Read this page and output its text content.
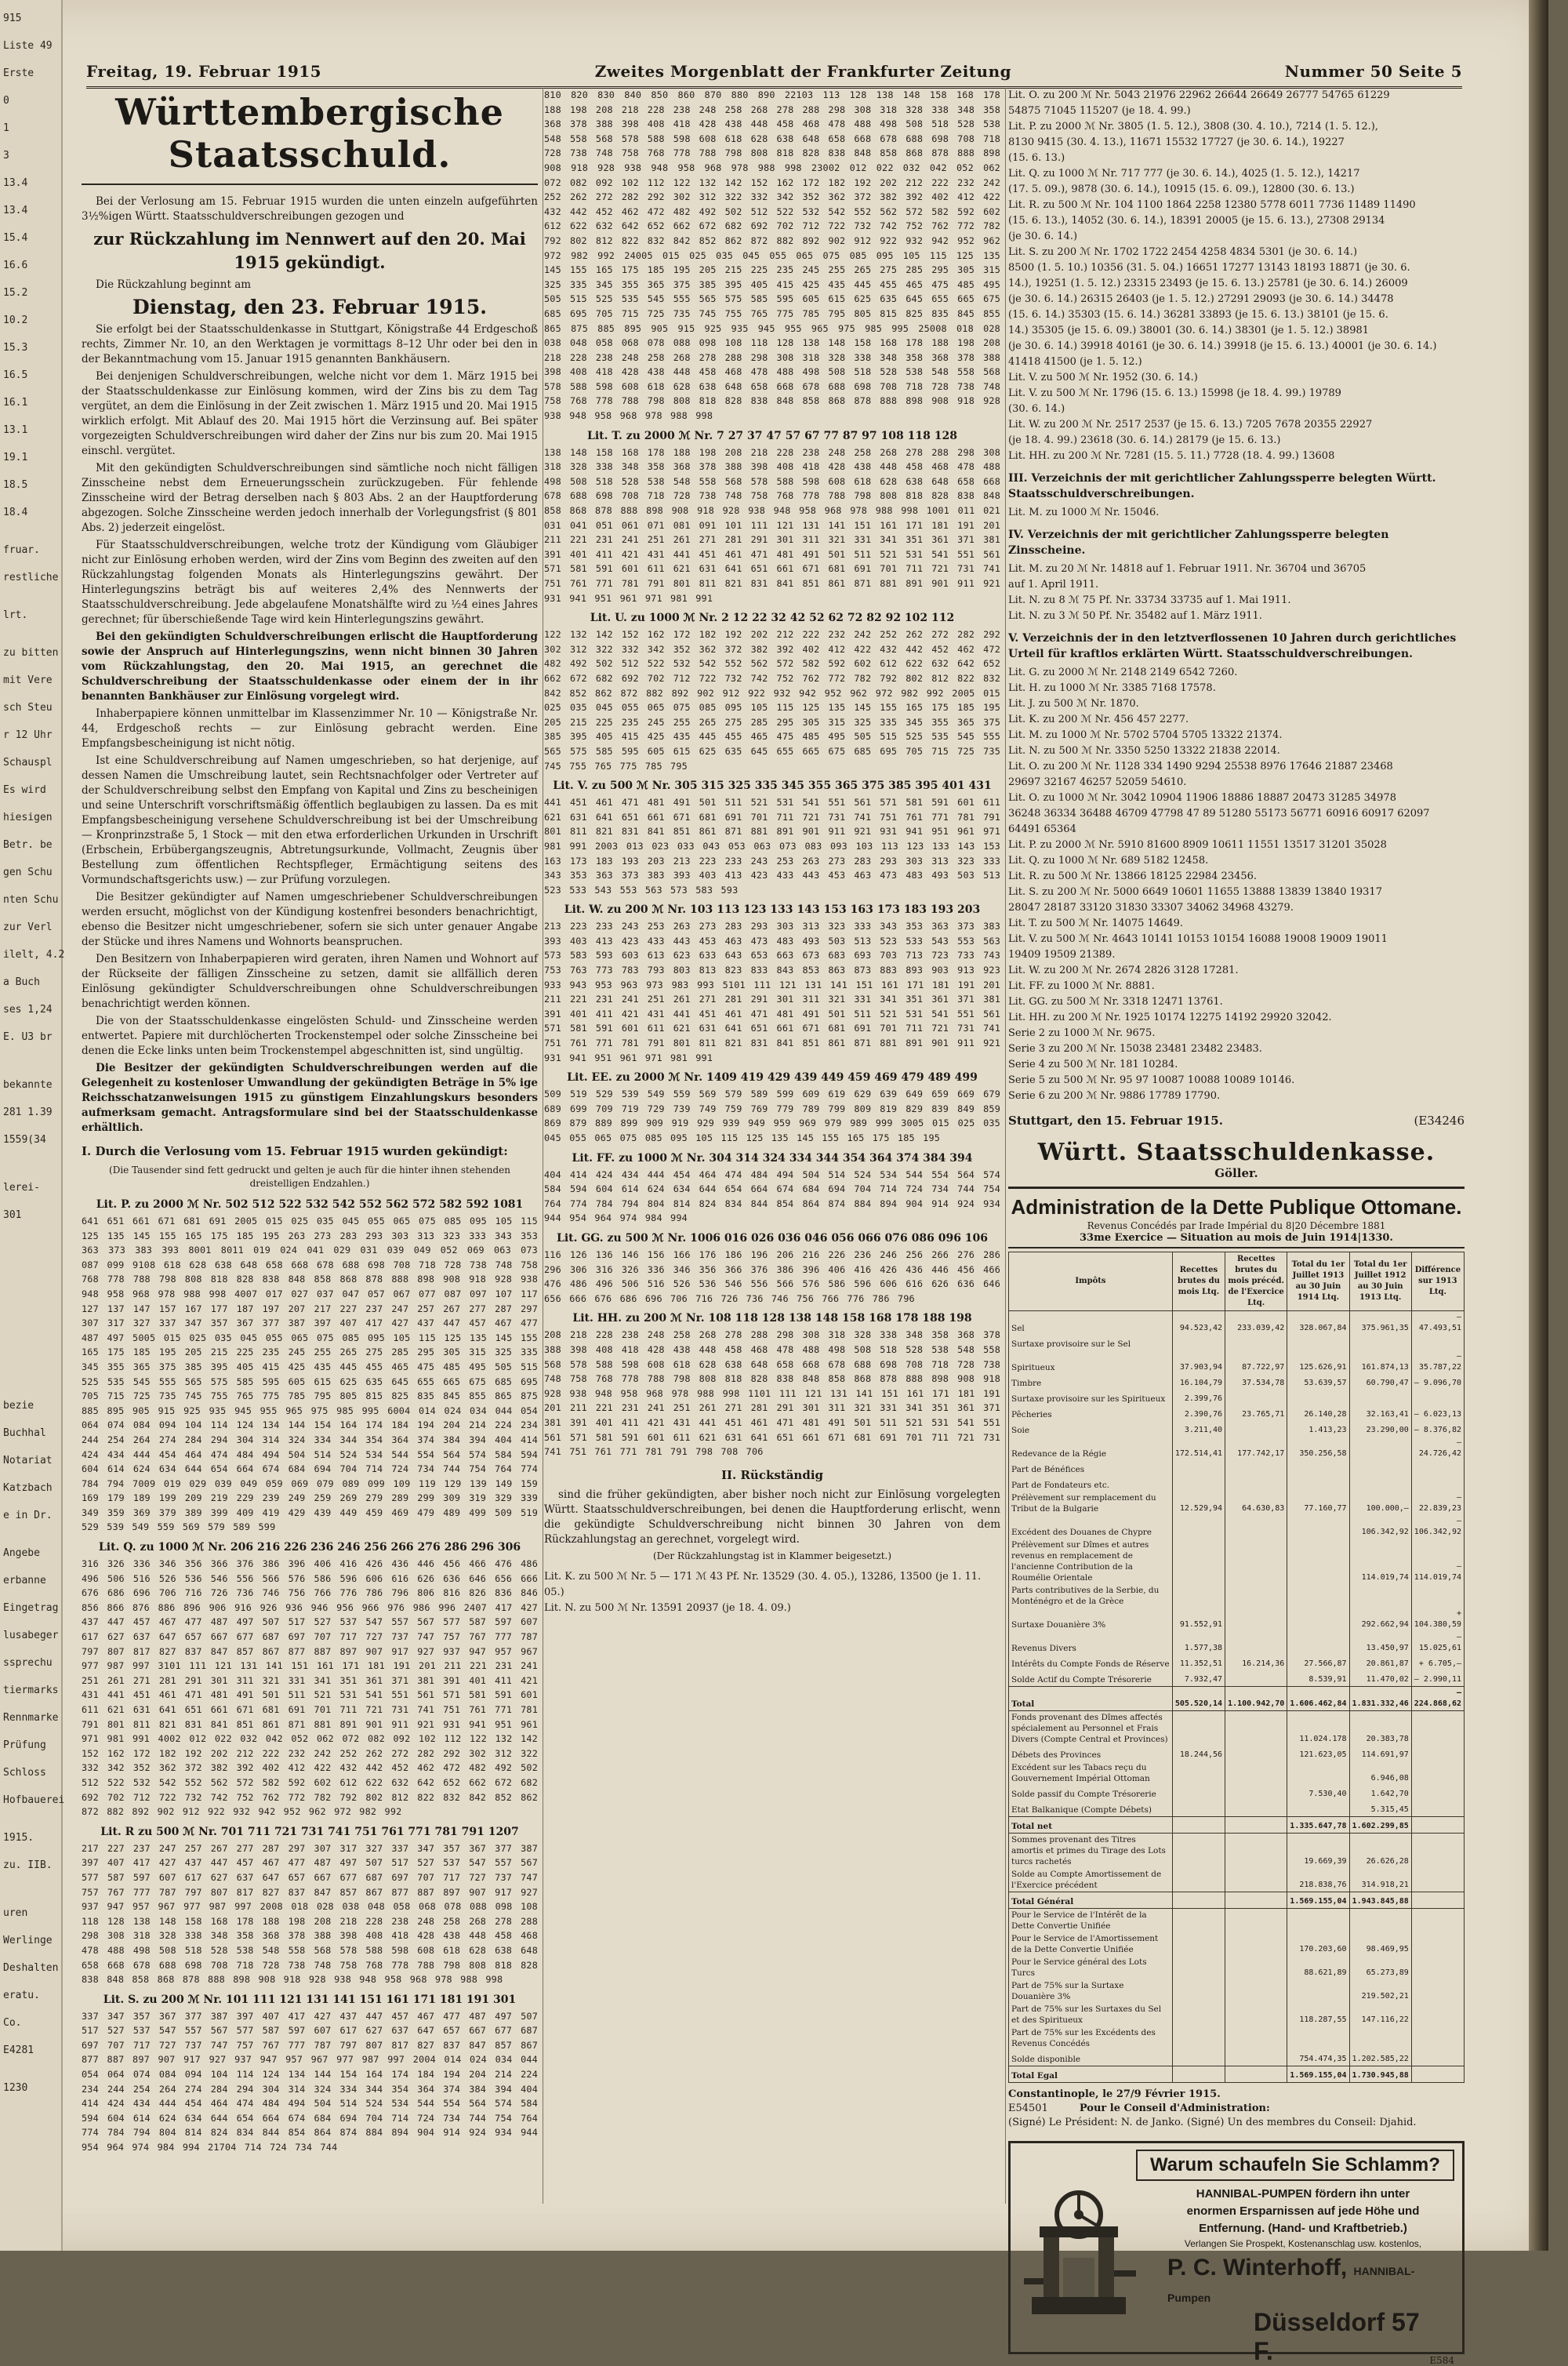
915

Liste 49

Erste

0

1

3

13.4

13.4

15.4

16.6

15.2

10.2

15.3

16.5

16.1

13.1

19.1

18.5

18.4

fruar.

restliche

lrt.

zu bitten

mit Vere

sch Steu

r 12 Uhr

Schauspl

Es wird

hiesigen

Betr. be

gen Schu

nten Schu

zur Verl

ilelt, 4.2

a Buch

ses 1,24

E. U3 br

bekannte

281 1.39

1559(34

lerei-

301

bezie

Buchhal

Notariat

Katzbach

e in Dr.

Angebe

erbanne

Eingetrag

lusabeger

ssprechu

tiermarks

Rennmarke

Prüfung

Schloss

Hofbauerei

1915.

zu. IIB.

uren

Werlinge

Deshalten

eratu.

Co.

E4281

1230

Freitag, 19. Februar 1915	Zweites Morgenblatt der Frankfurter Zeitung	Nummer 50 Seite 5
Württembergische Staatsschuld.

Bei der Verlosung am 15. Februar 1915 wurden die unten einzeln aufgeführten 3½%igen Württ. Staatsschuldverschreibungen gezogen und

zur Rückzahlung im Nennwert auf den 20. Mai 1915 gekündigt.

Die Rückzahlung beginnt am

Dienstag, den 23. Februar 1915.

Sie erfolgt bei der Staatsschuldenkasse in Stuttgart, Königstraße 44 Erdgeschoß rechts, Zimmer Nr. 10, an den Werktagen je vormittags 8–12 Uhr oder bei den in der Bekanntmachung vom 15. Januar 1915 genannten Bankhäusern.

Bei denjenigen Schuldverschreibungen, welche nicht vor dem 1. März 1915 bei der Staatsschuldenkasse zur Einlösung kommen, wird der Zins bis zu dem Tag vergütet, an dem die Einlösung in der Zeit zwischen 1. März 1915 und 20. Mai 1915 wirklich erfolgt. Mit Ablauf des 20. Mai 1915 hört die Verzinsung auf. Bei später vorgezeigten Schuldverschreibungen wird daher der Zins nur bis zum 20. Mai 1915 einschl. vergütet.

Mit den gekündigten Schuldverschreibungen sind sämtliche noch nicht fälligen Zinsscheine nebst dem Erneuerungsschein zurückzugeben. Für fehlende Zinsscheine wird der Betrag derselben nach § 803 Abs. 2 an der Hauptforderung abgezogen. Solche Zinsscheine werden jedoch innerhalb der Vorlegungsfrist (§ 801 Abs. 2) jederzeit eingelöst.

Für Staatsschuldverschreibungen, welche trotz der Kündigung vom Gläubiger nicht zur Einlösung erhoben werden, wird der Zins vom Beginn des zweiten auf den Rückzahlungstag folgenden Monats als Hinterlegungszins gewährt. Der Hinterlegungszins beträgt bis auf weiteres 2,4% des Nennwerts der Staatsschuldverschreibung. Jede abgelaufene Monatshälfte wird zu ½4 eines Jahres gerechnet; für überschießende Tage wird kein Hinterlegungszins gewährt.

Bei den gekündigten Schuldverschreibungen erlischt die Hauptforderung sowie der Anspruch auf Hinterlegungszins, wenn nicht binnen 30 Jahren vom Rückzahlungstag, den 20. Mai 1915, an gerechnet die Schuldverschreibung der Staatsschuldenkasse oder einem der in ihr benannten Bankhäuser zur Einlösung vorgelegt wird.

Inhaberpapiere können unmittelbar im Klassenzimmer Nr. 10 — Königstraße Nr. 44, Erdgeschoß rechts — zur Einlösung gebracht werden. Eine Empfangsbescheinigung ist nicht nötig.

Ist eine Schuldverschreibung auf Namen umgeschrieben, so hat derjenige, auf dessen Namen die Umschreibung lautet, sein Rechtsnachfolger oder Vertreter auf der Schuldverschreibung selbst den Empfang von Kapital und Zins zu bescheinigen und seine Unterschrift vorschriftsmäßig öffentlich beglaubigen zu lassen. Da es mit Empfangsbescheinigung versehene Schuldverschreibung ist bei der Umschreibung — Kronprinzstraße 5, 1 Stock — mit den etwa erforderlichen Urkunden in Urschrift (Erbschein, Erbübergangszeugnis, Abtretungsurkunde, Vollmacht, Zeugnis über Bestellung zum öffentlichen Rechtspfleger, Ermächtigung seitens des Vormundschaftsgerichts usw.) — zur Prüfung vorzulegen.

Die Besitzer gekündigter auf Namen umgeschriebener Schuldverschreibungen werden ersucht, möglichst von der Kündigung kostenfrei besonders benachrichtigt, ebenso die Besitzer nicht umgeschriebener, sofern sie sich unter genauer Angabe der Stücke und ihres Namens und Wohnorts beanspruchen.

Den Besitzern von Inhaberpapieren wird geraten, ihren Namen und Wohnort auf der Rückseite der fälligen Zinsscheine zu setzen, damit sie allfällich deren Einlösung gekündigter Schuldverschreibungen ohne Schuldverschreibungen benachrichtigt werden können.

Die von der Staatsschuldenkasse eingelösten Schuld- und Zinsscheine werden entwertet. Papiere mit durchlöcherten Trockenstempel oder solche Zinsscheine bei denen die Ecke links unten beim Trockenstempel abgeschnitten ist, sind ungültig.

Die Besitzer der gekündigten Schuldverschreibungen werden auf die Gelegenheit zu kostenloser Umwandlung der gekündigten Beträge in 5% ige Reichsschatzanweisungen 1915 zu günstigem Einzahlungskurs besonders aufmerksam gemacht. Antragsformulare sind bei der Staatsschuldenkasse erhältlich.

I. Durch die Verlosung vom 15. Februar 1915 wurden gekündigt:
(Die Tausender sind fett gedruckt und gelten je auch für die hinter ihnen stehenden dreistelligen Endzahlen.)
Lit. P. zu 2000 ℳ Nr. 502 512 522 532 542 552 562 572 582 592 1081
641 651 661 671 681 691 2005 015 025 035 045 055 065 075 085 095 105 115 125 135 145 155 165 175 185 195 263 273 283 293 303 313 323 333 343 353 363 373 383 393 8001 8011 019 024 041 029 031 039 049 052 069 063 073 087 099 9108 618 628 638 648 658 668 678 688 698 708 718 728 738 748 758 768 778 788 798 808 818 828 838 848 858 868 878 888 898 908 918 928 938 948 958 968 978 988 998 4007 017 027 037 047 057 067 077 087 097 107 117 127 137 147 157 167 177 187 197 207 217 227 237 247 257 267 277 287 297 307 317 327 337 347 357 367 377 387 397 407 417 427 437 447 457 467 477 487 497 5005 015 025 035 045 055 065 075 085 095 105 115 125 135 145 155 165 175 185 195 205 215 225 235 245 255 265 275 285 295 305 315 325 335 345 355 365 375 385 395 405 415 425 435 445 455 465 475 485 495 505 515 525 535 545 555 565 575 585 595 605 615 625 635 645 655 665 675 685 695 705 715 725 735 745 755 765 775 785 795 805 815 825 835 845 855 865 875 885 895 905 915 925 935 945 955 965 975 985 995 6004 014 024 034 044 054 064 074 084 094 104 114 124 134 144 154 164 174 184 194 204 214 224 234 244 254 264 274 284 294 304 314 324 334 344 354 364 374 384 394 404 414 424 434 444 454 464 474 484 494 504 514 524 534 544 554 564 574 584 594 604 614 624 634 644 654 664 674 684 694 704 714 724 734 744 754 764 774 784 794 7009 019 029 039 049 059 069 079 089 099 109 119 129 139 149 159 169 179 189 199 209 219 229 239 249 259 269 279 289 299 309 319 329 339 349 359 369 379 389 399 409 419 429 439 449 459 469 479 489 499 509 519 529 539 549 559 569 579 589 599
Lit. Q. zu 1000 ℳ Nr. 206 216 226 236 246 256 266 276 286 296 306
316 326 336 346 356 366 376 386 396 406 416 426 436 446 456 466 476 486 496 506 516 526 536 546 556 566 576 586 596 606 616 626 636 646 656 666 676 686 696 706 716 726 736 746 756 766 776 786 796 806 816 826 836 846 856 866 876 886 896 906 916 926 936 946 956 966 976 986 996 2407 417 427 437 447 457 467 477 487 497 507 517 527 537 547 557 567 577 587 597 607 617 627 637 647 657 667 677 687 697 707 717 727 737 747 757 767 777 787 797 807 817 827 837 847 857 867 877 887 897 907 917 927 937 947 957 967 977 987 997 3101 111 121 131 141 151 161 171 181 191 201 211 221 231 241 251 261 271 281 291 301 311 321 331 341 351 361 371 381 391 401 411 421 431 441 451 461 471 481 491 501 511 521 531 541 551 561 571 581 591 601 611 621 631 641 651 661 671 681 691 701 711 721 731 741 751 761 771 781 791 801 811 821 831 841 851 861 871 881 891 901 911 921 931 941 951 961 971 981 991 4002 012 022 032 042 052 062 072 082 092 102 112 122 132 142 152 162 172 182 192 202 212 222 232 242 252 262 272 282 292 302 312 322 332 342 352 362 372 382 392 402 412 422 432 442 452 462 472 482 492 502 512 522 532 542 552 562 572 582 592 602 612 622 632 642 652 662 672 682 692 702 712 722 732 742 752 762 772 782 792 802 812 822 832 842 852 862 872 882 892 902 912 922 932 942 952 962 972 982 992
Lit. R zu 500 ℳ Nr. 701 711 721 731 741 751 761 771 781 791 1207
217 227 237 247 257 267 277 287 297 307 317 327 337 347 357 367 377 387 397 407 417 427 437 447 457 467 477 487 497 507 517 527 537 547 557 567 577 587 597 607 617 627 637 647 657 667 677 687 697 707 717 727 737 747 757 767 777 787 797 807 817 827 837 847 857 867 877 887 897 907 917 927 937 947 957 967 977 987 997 2008 018 028 038 048 058 068 078 088 098 108 118 128 138 148 158 168 178 188 198 208 218 228 238 248 258 268 278 288 298 308 318 328 338 348 358 368 378 388 398 408 418 428 438 448 458 468 478 488 498 508 518 528 538 548 558 568 578 588 598 608 618 628 638 648 658 668 678 688 698 708 718 728 738 748 758 768 778 788 798 808 818 828 838 848 858 868 878 888 898 908 918 928 938 948 958 968 978 988 998
Lit. S. zu 200 ℳ Nr. 101 111 121 131 141 151 161 171 181 191 301
337 347 357 367 377 387 397 407 417 427 437 447 457 467 477 487 497 507 517 527 537 547 557 567 577 587 597 607 617 627 637 647 657 667 677 687 697 707 717 727 737 747 757 767 777 787 797 807 817 827 837 847 857 867 877 887 897 907 917 927 937 947 957 967 977 987 997 2004 014 024 034 044 054 064 074 084 094 104 114 124 134 144 154 164 174 184 194 204 214 224 234 244 254 264 274 284 294 304 314 324 334 344 354 364 374 384 394 404 414 424 434 444 454 464 474 484 494 504 514 524 534 544 554 564 574 584 594 604 614 624 634 644 654 664 674 684 694 704 714 724 734 744 754 764 774 784 794 804 814 824 834 844 854 864 874 884 894 904 914 924 934 944 954 964 974 984 994 21704 714 724 734 744
810 820 830 840 850 860 870 880 890 22103 113 128 138 148 158 168 178 188 198 208 218 228 238 248 258 268 278 288 298 308 318 328 338 348 358 368 378 388 398 408 418 428 438 448 458 468 478 488 498 508 518 528 538 548 558 568 578 588 598 608 618 628 638 648 658 668 678 688 698 708 718 728 738 748 758 768 778 788 798 808 818 828 838 848 858 868 878 888 898 908 918 928 938 948 958 968 978 988 998 23002 012 022 032 042 052 062 072 082 092 102 112 122 132 142 152 162 172 182 192 202 212 222 232 242 252 262 272 282 292 302 312 322 332 342 352 362 372 382 392 402 412 422 432 442 452 462 472 482 492 502 512 522 532 542 552 562 572 582 592 602 612 622 632 642 652 662 672 682 692 702 712 722 732 742 752 762 772 782 792 802 812 822 832 842 852 862 872 882 892 902 912 922 932 942 952 962 972 982 992 24005 015 025 035 045 055 065 075 085 095 105 115 125 135 145 155 165 175 185 195 205 215 225 235 245 255 265 275 285 295 305 315 325 335 345 355 365 375 385 395 405 415 425 435 445 455 465 475 485 495 505 515 525 535 545 555 565 575 585 595 605 615 625 635 645 655 665 675 685 695 705 715 725 735 745 755 765 775 785 795 805 815 825 835 845 855 865 875 885 895 905 915 925 935 945 955 965 975 985 995 25008 018 028 038 048 058 068 078 088 098 108 118 128 138 148 158 168 178 188 198 208 218 228 238 248 258 268 278 288 298 308 318 328 338 348 358 368 378 388 398 408 418 428 438 448 458 468 478 488 498 508 518 528 538 548 558 568 578 588 598 608 618 628 638 648 658 668 678 688 698 708 718 728 738 748 758 768 778 788 798 808 818 828 838 848 858 868 878 888 898 908 918 928 938 948 958 968 978 988 998
Lit. T. zu 2000 ℳ Nr. 7 27 37 47 57 67 77 87 97 108 118 128
138 148 158 168 178 188 198 208 218 228 238 248 258 268 278 288 298 308 318 328 338 348 358 368 378 388 398 408 418 428 438 448 458 468 478 488 498 508 518 528 538 548 558 568 578 588 598 608 618 628 638 648 658 668 678 688 698 708 718 728 738 748 758 768 778 788 798 808 818 828 838 848 858 868 878 888 898 908 918 928 938 948 958 968 978 988 998 1001 011 021 031 041 051 061 071 081 091 101 111 121 131 141 151 161 171 181 191 201 211 221 231 241 251 261 271 281 291 301 311 321 331 341 351 361 371 381 391 401 411 421 431 441 451 461 471 481 491 501 511 521 531 541 551 561 571 581 591 601 611 621 631 641 651 661 671 681 691 701 711 721 731 741 751 761 771 781 791 801 811 821 831 841 851 861 871 881 891 901 911 921 931 941 951 961 971 981 991
Lit. U. zu 1000 ℳ Nr. 2 12 22 32 42 52 62 72 82 92 102 112
122 132 142 152 162 172 182 192 202 212 222 232 242 252 262 272 282 292 302 312 322 332 342 352 362 372 382 392 402 412 422 432 442 452 462 472 482 492 502 512 522 532 542 552 562 572 582 592 602 612 622 632 642 652 662 672 682 692 702 712 722 732 742 752 762 772 782 792 802 812 822 832 842 852 862 872 882 892 902 912 922 932 942 952 962 972 982 992 2005 015 025 035 045 055 065 075 085 095 105 115 125 135 145 155 165 175 185 195 205 215 225 235 245 255 265 275 285 295 305 315 325 335 345 355 365 375 385 395 405 415 425 435 445 455 465 475 485 495 505 515 525 535 545 555 565 575 585 595 605 615 625 635 645 655 665 675 685 695 705 715 725 735 745 755 765 775 785 795
Lit. V. zu 500 ℳ Nr. 305 315 325 335 345 355 365 375 385 395 401 431
441 451 461 471 481 491 501 511 521 531 541 551 561 571 581 591 601 611 621 631 641 651 661 671 681 691 701 711 721 731 741 751 761 771 781 791 801 811 821 831 841 851 861 871 881 891 901 911 921 931 941 951 961 971 981 991 2003 013 023 033 043 053 063 073 083 093 103 113 123 133 143 153 163 173 183 193 203 213 223 233 243 253 263 273 283 293 303 313 323 333 343 353 363 373 383 393 403 413 423 433 443 453 463 473 483 493 503 513 523 533 543 553 563 573 583 593
Lit. W. zu 200 ℳ Nr. 103 113 123 133 143 153 163 173 183 193 203
213 223 233 243 253 263 273 283 293 303 313 323 333 343 353 363 373 383 393 403 413 423 433 443 453 463 473 483 493 503 513 523 533 543 553 563 573 583 593 603 613 623 633 643 653 663 673 683 693 703 713 723 733 743 753 763 773 783 793 803 813 823 833 843 853 863 873 883 893 903 913 923 933 943 953 963 973 983 993 5101 111 121 131 141 151 161 171 181 191 201 211 221 231 241 251 261 271 281 291 301 311 321 331 341 351 361 371 381 391 401 411 421 431 441 451 461 471 481 491 501 511 521 531 541 551 561 571 581 591 601 611 621 631 641 651 661 671 681 691 701 711 721 731 741 751 761 771 781 791 801 811 821 831 841 851 861 871 881 891 901 911 921 931 941 951 961 971 981 991
Lit. EE. zu 2000 ℳ Nr. 1409 419 429 439 449 459 469 479 489 499
509 519 529 539 549 559 569 579 589 599 609 619 629 639 649 659 669 679 689 699 709 719 729 739 749 759 769 779 789 799 809 819 829 839 849 859 869 879 889 899 909 919 929 939 949 959 969 979 989 999 3005 015 025 035 045 055 065 075 085 095 105 115 125 135 145 155 165 175 185 195
Lit. FF. zu 1000 ℳ Nr. 304 314 324 334 344 354 364 374 384 394
404 414 424 434 444 454 464 474 484 494 504 514 524 534 544 554 564 574 584 594 604 614 624 634 644 654 664 674 684 694 704 714 724 734 744 754 764 774 784 794 804 814 824 834 844 854 864 874 884 894 904 914 924 934 944 954 964 974 984 994
Lit. GG. zu 500 ℳ Nr. 1006 016 026 036 046 056 066 076 086 096 106
116 126 136 146 156 166 176 186 196 206 216 226 236 246 256 266 276 286 296 306 316 326 336 346 356 366 376 386 396 406 416 426 436 446 456 466 476 486 496 506 516 526 536 546 556 566 576 586 596 606 616 626 636 646 656 666 676 686 696 706 716 726 736 746 756 766 776 786 796
Lit. HH. zu 200 ℳ Nr. 108 118 128 138 148 158 168 178 188 198
208 218 228 238 248 258 268 278 288 298 308 318 328 338 348 358 368 378 388 398 408 418 428 438 448 458 468 478 488 498 508 518 528 538 548 558 568 578 588 598 608 618 628 638 648 658 668 678 688 698 708 718 728 738 748 758 768 778 788 798 808 818 828 838 848 858 868 878 888 898 908 918 928 938 948 958 968 978 988 998 1101 111 121 131 141 151 161 171 181 191 201 211 221 231 241 251 261 271 281 291 301 311 321 331 341 351 361 371 381 391 401 411 421 431 441 451 461 471 481 491 501 511 521 531 541 551 561 571 581 591 601 611 621 631 641 651 661 671 681 691 701 711 721 731 741 751 761 771 781 791 798 708 706
II. Rückständig

sind die früher gekündigten, aber bisher noch nicht zur Einlösung vorgelegten Württ. Staatsschuldverschreibungen, bei denen die Hauptforderung erlischt, wenn die gekündigte Schuldverschreibung nicht binnen 30 Jahren von dem Rückzahlungstag an gerechnet, vorgelegt wird.

(Der Rückzahlungstag ist in Klammer beigesetzt.)

Lit. K. zu 500 ℳ Nr. 5 — 171 ℳ 43 Pf. Nr. 13529 (30. 4. 05.), 13286, 13500 (je 1. 11. 05.)

Lit. N. zu 500 ℳ Nr. 13591 20937 (je 18. 4. 09.)

Lit. O. zu 200 ℳ Nr. 5043 21976 22962 26644 26649 26777 54765 61229

54875 71045 115207 (je 18. 4. 99.)

Lit. P. zu 2000 ℳ Nr. 3805 (1. 5. 12.), 3808 (30. 4. 10.), 7214 (1. 5. 12.),

8130 9415 (30. 4. 13.), 11671 15532 17727 (je 30. 6. 14.), 19227

(15. 6. 13.)

Lit. Q. zu 1000 ℳ Nr. 717 777 (je 30. 6. 14.), 4025 (1. 5. 12.), 14217

(17. 5. 09.), 9878 (30. 6. 14.), 10915 (15. 6. 09.), 12800 (30. 6. 13.)

Lit. R. zu 500 ℳ Nr. 104 1100 1864 2258 12380 5778 6011 7736 11489 11490

(15. 6. 13.), 14052 (30. 6. 14.), 18391 20005 (je 15. 6. 13.), 27308 29134

(je 30. 6. 14.)

Lit. S. zu 200 ℳ Nr. 1702 1722 2454 4258 4834 5301 (je 30. 6. 14.)

8500 (1. 5. 10.) 10356 (31. 5. 04.) 16651 17277 13143 18193 18871 (je 30. 6.

14.), 19251 (1. 5. 12.) 23315 23493 (je 15. 6. 13.) 25781 (je 30. 6. 14.) 26009

(je 30. 6. 14.) 26315 26403 (je 1. 5. 12.) 27291 29093 (je 30. 6. 14.) 34478

(15. 6. 14.) 35303 (15. 6. 14.) 36281 33893 (je 15. 6. 13.) 38101 (je 15. 6.

14.) 35305 (je 15. 6. 09.) 38001 (30. 6. 14.) 38301 (je 1. 5. 12.) 38981

(je 30. 6. 14.) 39918 40161 (je 30. 6. 14.) 39918 (je 15. 6. 13.) 40001 (je 30. 6. 14.)

41418 41500 (je 1. 5. 12.)

Lit. V. zu 500 ℳ Nr. 1952 (30. 6. 14.)

Lit. V. zu 500 ℳ Nr. 1796 (15. 6. 13.) 15998 (je 18. 4. 99.) 19789

(30. 6. 14.)

Lit. W. zu 200 ℳ Nr. 2517 2537 (je 15. 6. 13.) 7205 7678 20355 22927

(je 18. 4. 99.) 23618 (30. 6. 14.) 28179 (je 15. 6. 13.)

Lit. HH. zu 200 ℳ Nr. 7281 (15. 5. 11.) 7728 (18. 4. 99.) 13608

III. Verzeichnis der mit gerichtlicher Zahlungssperre belegten Württ. Staatsschuldverschreibungen.

Lit. M. zu 1000 ℳ Nr. 15046.

IV. Verzeichnis der mit gerichtlicher Zahlungssperre belegten Zinsscheine.

Lit. M. zu 20 ℳ Nr. 14818 auf 1. Februar 1911. Nr. 36704 und 36705

auf 1. April 1911.

Lit. N. zu 8 ℳ 75 Pf. Nr. 33734 33735 auf 1. Mai 1911.

Lit. N. zu 3 ℳ 50 Pf. Nr. 35482 auf 1. März 1911.

V. Verzeichnis der in den letztverflossenen 10 Jahren durch gerichtliches Urteil für kraftlos erklärten Württ. Staatsschuldverschreibungen.

Lit. G. zu 2000 ℳ Nr. 2148 2149 6542 7260.

Lit. H. zu 1000 ℳ Nr. 3385 7168 17578.

Lit. J. zu 500 ℳ Nr. 1870.

Lit. K. zu 200 ℳ Nr. 456 457 2277.

Lit. M. zu 1000 ℳ Nr. 5702 5704 5705 13322 21374.

Lit. N. zu 500 ℳ Nr. 3350 5250 13322 21838 22014.

Lit. O. zu 200 ℳ Nr. 1128 334 1490 9294 25538 8976 17646 21887 23468

29697 32167 46257 52059 54610.

Lit. O. zu 1000 ℳ Nr. 3042 10904 11906 18886 18887 20473 31285 34978

36248 36334 36488 46709 47798 47 89 51280 55173 56771 60916 60917 62097 64491 65364

Lit. P. zu 2000 ℳ Nr. 5910 81600 8909 10611 11551 13517 31201 35028

Lit. Q. zu 1000 ℳ Nr. 689 5182 12458.

Lit. R. zu 500 ℳ Nr. 13866 18125 22984 23456.

Lit. S. zu 200 ℳ Nr. 5000 6649 10601 11655 13888 13839 13840 19317

28047 28187 33120 31830 33307 34062 34968 43279.

Lit. T. zu 500 ℳ Nr. 14075 14649.

Lit. V. zu 500 ℳ Nr. 4643 10141 10153 10154 16088 19008 19009 19011

19409 19509 21389.

Lit. W. zu 200 ℳ Nr. 2674 2826 3128 17281.

Lit. FF. zu 1000 ℳ Nr. 8881.

Lit. GG. zu 500 ℳ Nr. 3318 12471 13761.

Lit. HH. zu 200 ℳ Nr. 1925 10174 12275 14192 29920 32042.

Serie 2 zu 1000 ℳ Nr. 9675.

Serie 3 zu 200 ℳ Nr. 15038 23481 23482 23483.

Serie 4 zu 500 ℳ Nr. 181 10284.

Serie 5 zu 500 ℳ Nr. 95 97 10087 10088 10089 10146.

Serie 6 zu 200 ℳ Nr. 9886 17789 17790.

Stuttgart, den 15. Februar 1915.	(E34246
Württ. Staatsschuldenkasse.
Göller.
Administration de la Dette Publique Ottomane.
Revenus Concédés par Irade Impérial du 8|20 Décembre 1881
33me Exercice — Situation au mois de Juin 1914|1330.
Impôts	Recettes brutes du mois Ltq.	Recettes brutes du mois précéd. de l'Exercice Ltq.	Total du 1er Juillet 1913 au 30 Juin 1914 Ltq.	Total du 1er Juillet 1912 au 30 Juin 1913 Ltq.	Différence sur 1913 Ltq.
Sel	94.523,42	233.039,42	328.067,84	375.961,35	— 47.493,51
Surtaxe provisoire sur le Sel					
Spiritueux	37.903,94	87.722,97	125.626,91	161.874,13	— 35.787,22
Timbre	16.104,79	37.534,78	53.639,57	60.790,47	— 9.096,70
Surtaxe provisoire sur les Spiritueux	2.399,76				
Pêcheries	2.390,76	23.765,71	26.140,28	32.163,41	— 6.023,13
Soie	3.211,40		1.413,23	23.290,00	— 8.376,82
Redevance de la Régie	172.514,41	177.742,17	350.256,58		— 24.726,42
Part de Bénéfices					
Part de Fondateurs etc.					
Prélèvement sur remplacement du Tribut de la Bulgarie	12.529,94	64.630,83	77.160,77	100.000,—	— 22.839,23
Excédent des Douanes de Chypre				106.342,92	— 106.342,92
Prélèvement sur Dîmes et autres revenus en remplacement de l'ancienne Contribution de la Roumélie Orientale				114.019,74	— 114.019,74
Parts contributives de la Serbie, du Monténégro et de la Grèce					
Surtaxe Douanière 3%	91.552,91			292.662,94	+ 104.380,59
Revenus Divers	1.577,38			13.450,97	— 15.025,61
Intérêts du Compte Fonds de Réserve	11.352,51	16.214,36	27.566,87	20.861,87	+ 6.705,—
Solde Actif du Compte Trésorerie	7.932,47		8.539,91	11.470,02	— 2.990,11
Total	505.520,14	1.100.942,70	1.606.462,84	1.831.332,46	— 224.868,62
Fonds provenant des Dîmes affectés spécialement au Personnel et Frais Divers (Compte Central et Provinces)			11.024.178	20.383,78	
Débets des Provinces	18.244,56		121.623,05	114.691,97	
Excédent sur les Tabacs reçu du Gouvernement Impérial Ottoman				6.946,08	
Solde passif du Compte Trésorerie			7.530,40	1.642,70	
Etat Balkanique (Compte Débets)				5.315,45	
Total net			1.335.647,78	1.602.299,85	
Sommes provenant des Titres amortis et primes du Tirage des Lots turcs rachetés			19.669,39	26.626,28	
Solde au Compte Amortissement de l'Exercice précédent			218.838,76	314.918,21	
Total Général			1.569.155,04	1.943.845,88	
Pour le Service de l'Intérêt de la Dette Convertie Unifiée					
Pour le Service de l'Amortissement de la Dette Convertie Unifiée			170.203,60	98.469,95	
Pour le Service général des Lots Turcs			88.621,89	65.273,89	
Part de 75% sur la Surtaxe Douanière 3%				219.502,21	
Part de 75% sur les Surtaxes du Sel et des Spiritueux			118.287,55	147.116,22	
Part de 75% sur les Excédents des Revenus Concédés					
Solde disponible			754.474,35	1.202.585,22	
Total Egal			1.569.155,04	1.730.945,88	
Constantinople, le 27/9 Février 1915.
E54501	Pour le Conseil d'Administration:
(Signé) Le Président: N. de Janko. (Signé) Un des membres du Conseil: Djahid.
Warum schaufeln Sie Schlamm?
HANNIBAL-PUMPEN fördern ihn unter
enormen Ersparnissen auf jede Höhe und
Entfernung. (Hand- und Kraftbetrieb.)
Verlangen Sie Prospekt, Kostenanschlag usw. kostenlos,
P. C. Winterhoff, HANNIBAL-Pumpen
Düsseldorf 57 F.	E584
